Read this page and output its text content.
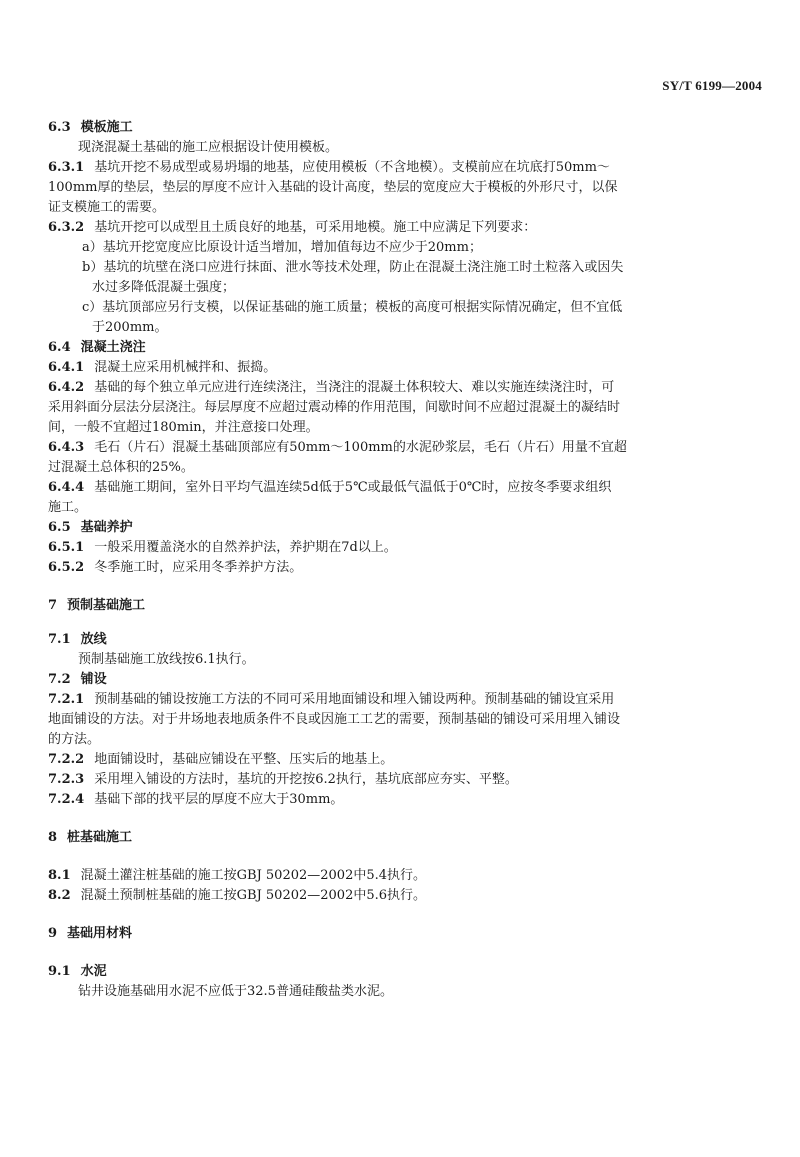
SY/T 6199—2004
6.3 模板施工
现浇混凝土基础的施工应根据设计使用模板。
6.3.1 基坑开挖不易成型或易坍塌的地基，应使用模板（不含地模）。支模前应在坑底打50mm～
100mm厚的垫层，垫层的厚度不应计入基础的设计高度，垫层的宽度应大于模板的外形尺寸，以保
证支模施工的需要。
6.3.2 基坑开挖可以成型且土质良好的地基，可采用地模。施工中应满足下列要求：
a）基坑开挖宽度应比原设计适当增加，增加值每边不应少于20mm；
b）基坑的坑壁在浇口应进行抹面、泄水等技术处理，防止在混凝土浇注施工时土粒落入或因失
水过多降低混凝土强度；
c）基坑顶部应另行支模，以保证基础的施工质量；模板的高度可根据实际情况确定，但不宜低
于200mm。
6.4 混凝土浇注
6.4.1 混凝土应采用机械拌和、振捣。
6.4.2 基础的每个独立单元应进行连续浇注，当浇注的混凝土体积较大、难以实施连续浇注时，可
采用斜面分层法分层浇注。每层厚度不应超过震动棒的作用范围，间歇时间不应超过混凝土的凝结时
间，一般不宜超过180min，并注意接口处理。
6.4.3 毛石（片石）混凝土基础顶部应有50mm～100mm的水泥砂浆层，毛石（片石）用量不宜超
过混凝土总体积的25%。
6.4.4 基础施工期间，室外日平均气温连续5d低于5℃或最低气温低于0℃时，应按冬季要求组织
施工。
6.5 基础养护
6.5.1 一般采用覆盖浇水的自然养护法，养护期在7d以上。
6.5.2 冬季施工时，应采用冬季养护方法。
7 预制基础施工
7.1 放线
预制基础施工放线按6.1执行。
7.2 铺设
7.2.1 预制基础的铺设按施工方法的不同可采用地面铺设和埋入铺设两种。预制基础的铺设宜采用
地面铺设的方法。对于井场地表地质条件不良或因施工工艺的需要，预制基础的铺设可采用埋入铺设
的方法。
7.2.2 地面铺设时，基础应铺设在平整、压实后的地基上。
7.2.3 采用埋入铺设的方法时，基坑的开挖按6.2执行，基坑底部应夯实、平整。
7.2.4 基础下部的找平层的厚度不应大于30mm。
8 桩基础施工
8.1 混凝土灌注桩基础的施工按GBJ 50202—2002中5.4执行。
8.2 混凝土预制桩基础的施工按GBJ 50202—2002中5.6执行。
9 基础用材料
9.1 水泥
钻井设施基础用水泥不应低于32.5普通硅酸盐类水泥。
